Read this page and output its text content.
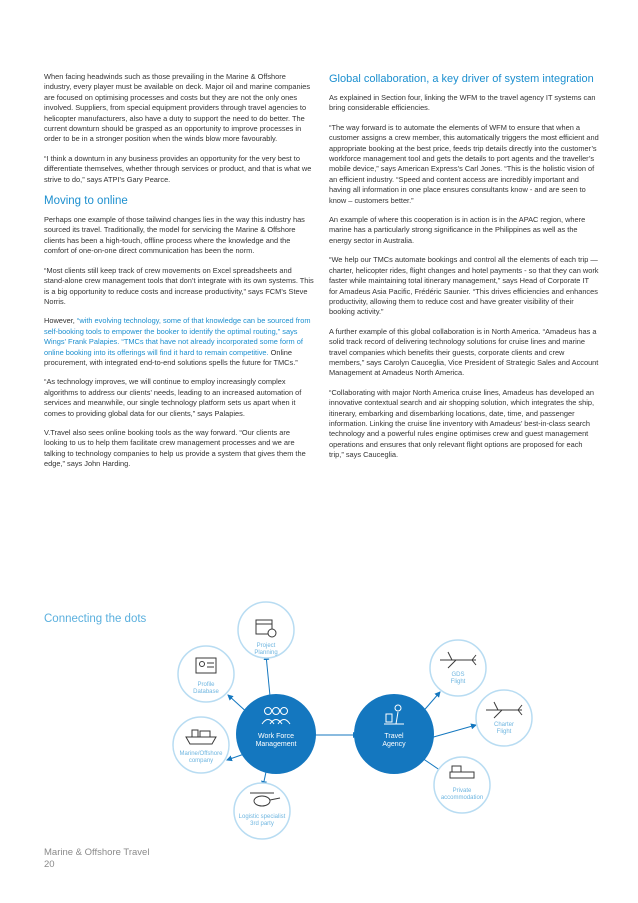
When facing headwinds such as those prevailing in the Marine & Offshore industry, every player must be available on deck. Major oil and marine companies are focused on optimising processes and costs but they are not the only ones involved. Suppliers, from special equipment providers through travel agencies to helicopter manufacturers, also have a duty to support the need to do better. The current downturn should be grasped as an opportunity to improve processes in order to be in a stronger position when the winds blow more favourably.

“I think a downturn in any business provides an opportunity for the very best to differentiate themselves, whether through services or product, and that is what we strive to do,” says ATPI’s Gary Pearce.

Moving to online

Perhaps one example of those tailwind changes lies in the way this industry has sourced its travel. Traditionally, the model for servicing the Marine & Offshore clients has been a high-touch, offline process where the knowledge and the comfort of one-on-one direct communication has been the norm.

“Most clients still keep track of crew movements on Excel spreadsheets and stand-alone crew management tools that don’t integrate with its own systems. This is a big opportunity to reduce costs and increase productivity,” says FCM’s Steve Norris.

However, “with evolving technology, some of that knowledge can be sourced from self-booking tools to empower the booker to identify the optimal routing,” says Wings’ Frank Palapies. “TMCs that have not already incorporated some form of online booking into its offerings will find it hard to remain competitive. Online procurement, with integrated end-to-end solutions spells the future for TMCs.”

“As technology improves, we will continue to employ increasingly complex algorithms to address our clients’ needs, leading to an increased automation of services and meanwhile, our single technology platform sets us apart when it comes to providing global data for our clients,” says Palapies.

V.Travel also sees online booking tools as the way forward. “Our clients are looking to us to help them facilitate crew management processes and we are talking to technology companies to help us provide a system that gives them the edge,” says John Harding.

Global collaboration, a key driver of system integration

As explained in Section four, linking the WFM to the travel agency IT systems can bring considerable efficiencies.

“The way forward is to automate the elements of WFM to ensure that when a customer assigns a crew member, this automatically triggers the most efficient and appropriate booking at the best price, feeds trip details directly into the customer’s workforce management tool and gets the details to port agents and the traveller’s mobile device,” says American Express’s Carl Jones. “This is the holistic vision of an efficient industry. “Speed and content access are incredibly important and having all information in one place ensures consultants know - and are seen to know – customers better.”

An example of where this cooperation is in action is in the APAC region, where marine has a particularly strong significance in the Philippines as well as the energy sector in Australia.

“We help our TMCs automate bookings and control all the elements of each trip — charter, helicopter rides, flight changes and hotel payments - so that they can work faster while maintaining total itinerary management,” says Head of Corporate IT for Amadeus Asia Pacific, Frédéric Saunier. “This drives efficiencies and enhances productivity, allowing them to reduce cost and have greater visibility of their booking activity.”

A further example of this global collaboration is in North America. “Amadeus has a solid track record of delivering technology solutions for cruise lines and marine travel companies which benefits their guests, corporate clients and crew members,” says Carolyn Cauceglia, Vice President of Strategic Sales and Account Management at Amadeus North America.

“Collaborating with major North America cruise lines, Amadeus has developed an innovative contextual search and air shopping solution, which integrates the ship, itinerary, embarking and disembarking locations, date, time, and passenger information. Linking the cruise line inventory with Amadeus’ best-in-class search technology and a powerful rules engine optimises crew and guest management operations and ensures that only relevant flight options are proposed for each trip,” says Cauceglia.

Connecting the dots
Project
Planning
Profile
Database
Marine/Offshore
company
Logistic specialist
3rd party
GDS
Flight
Charter
Flight
Private
accommodation
Work Force
Management
Travel
Agency
Marine & Offshore Travel
20
